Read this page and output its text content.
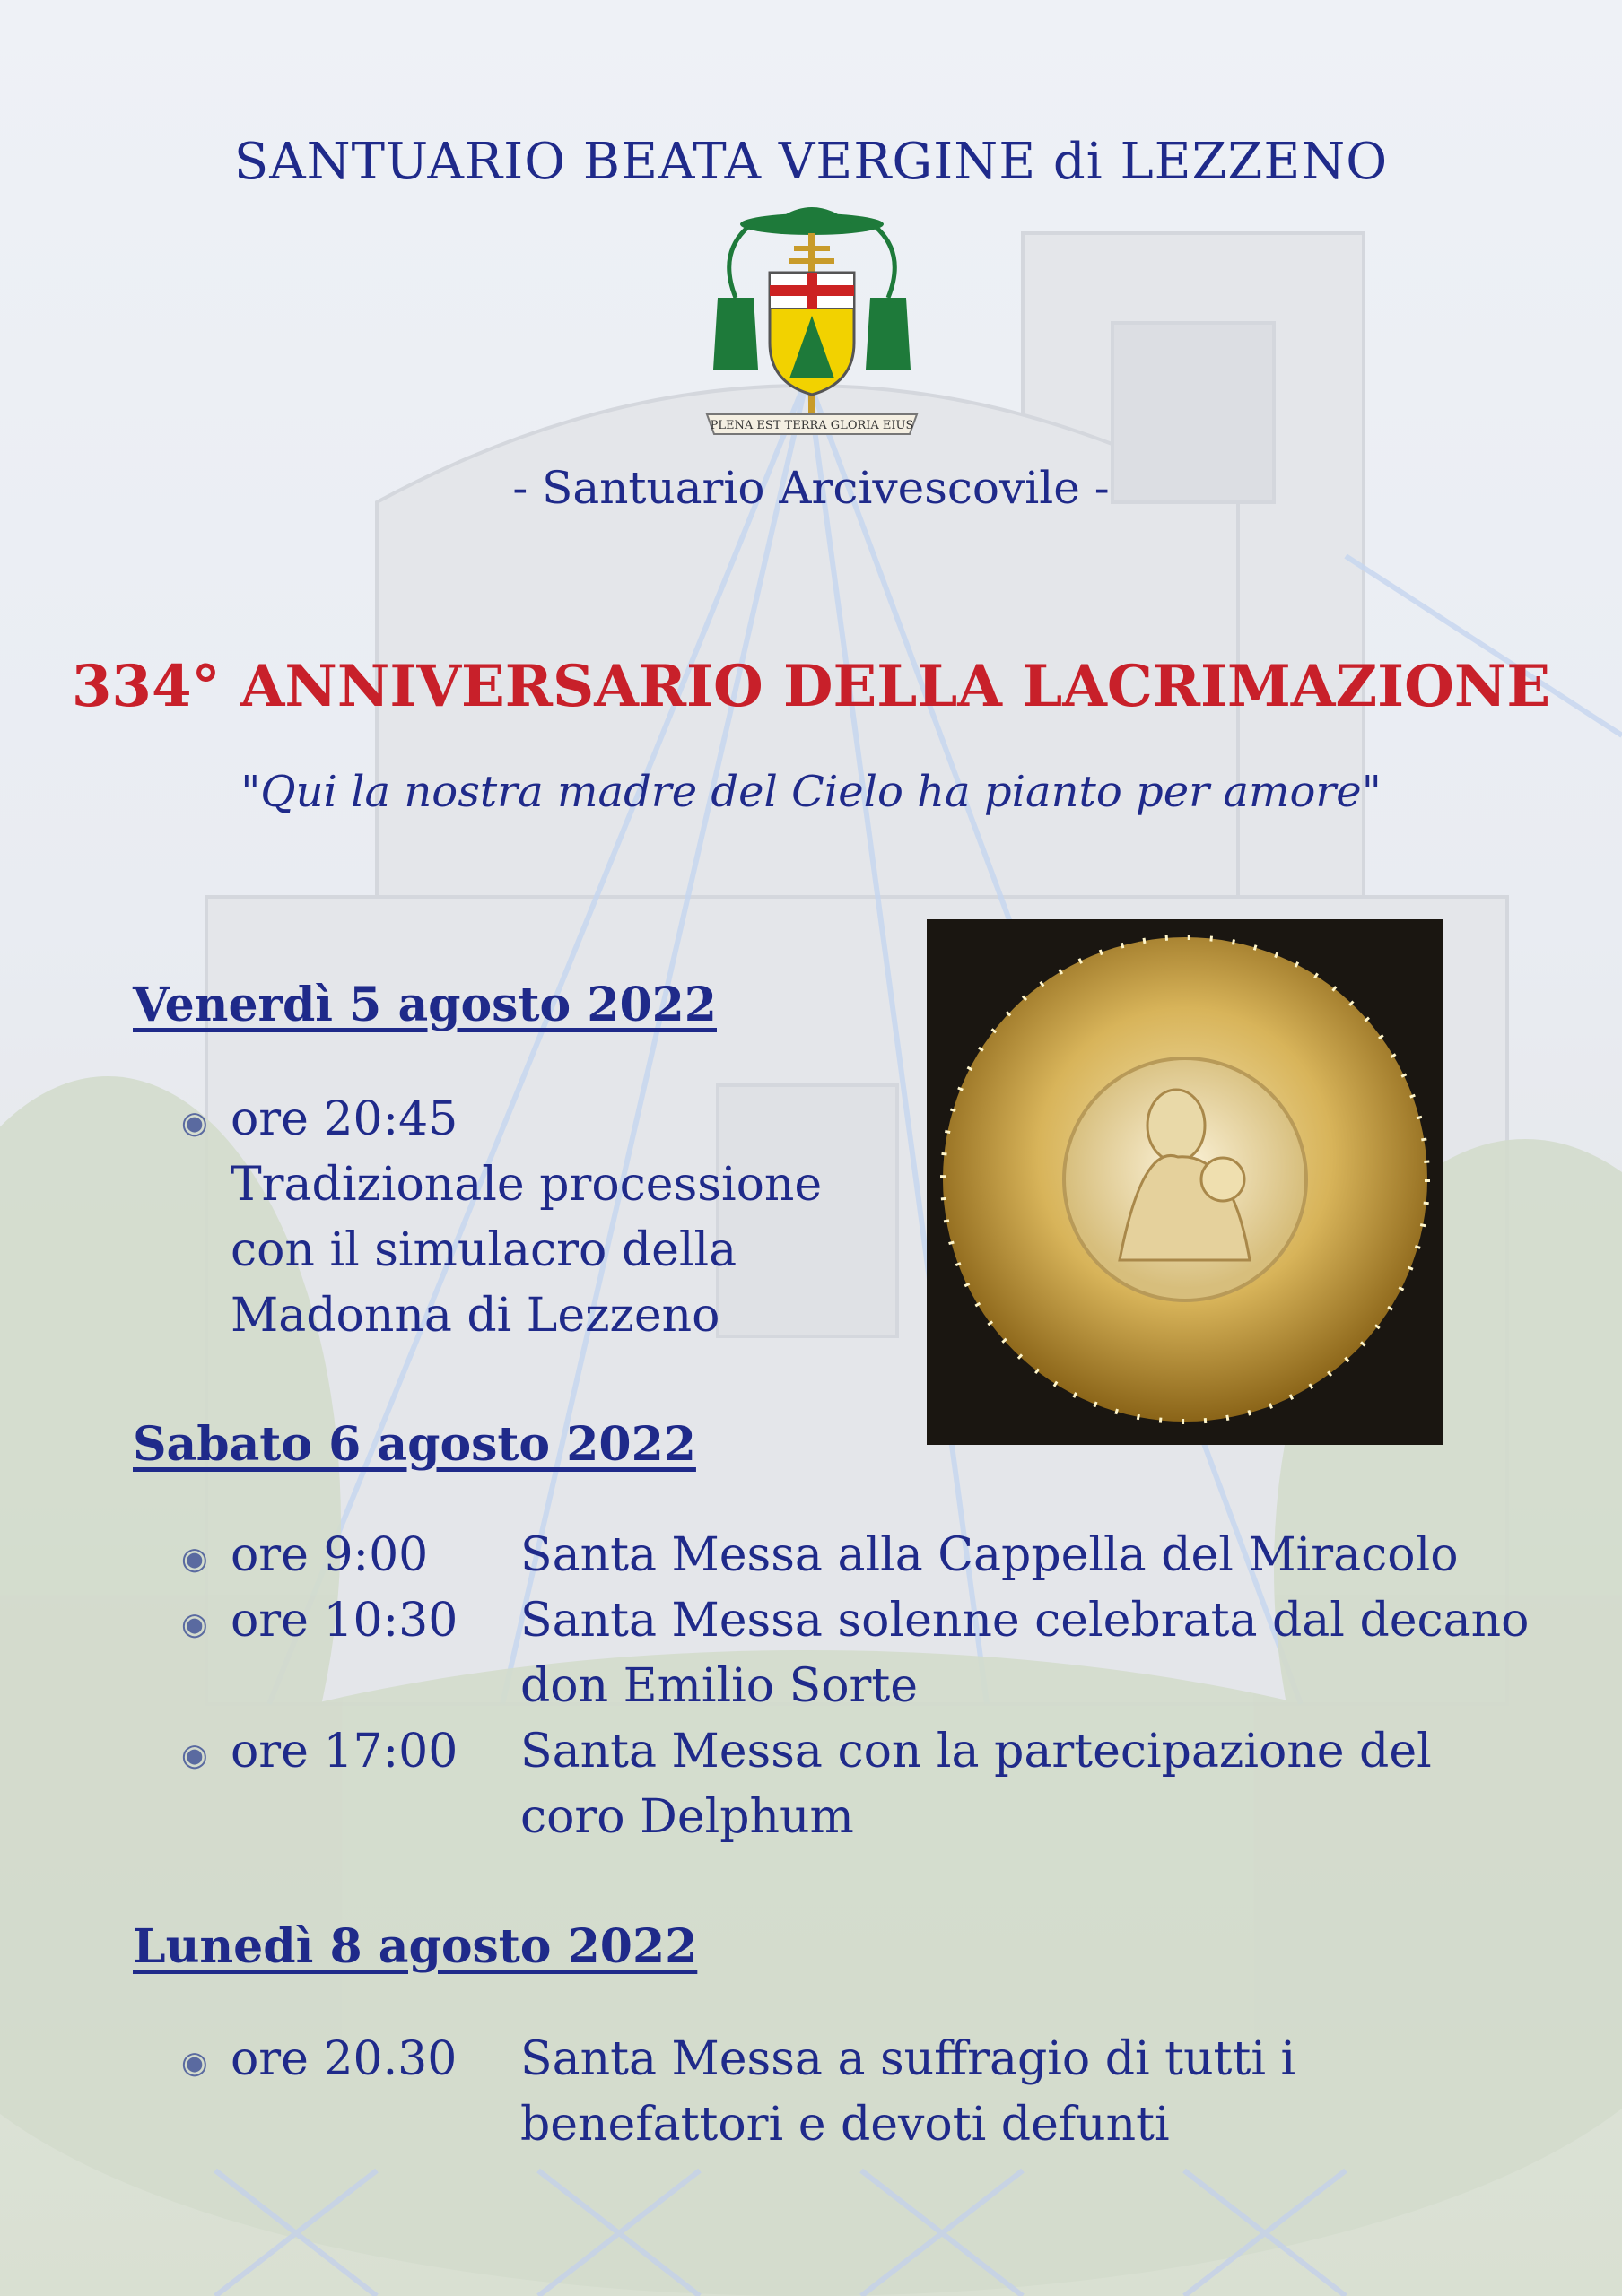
SANTUARIO BEATA VERGINE di LEZZENO
PLENA EST TERRA GLORIA EIUS
- Santuario Arcivescovile -
334° ANNIVERSARIO DELLA LACRIMAZIONE
"Qui la nostra madre del Cielo ha pianto per amore"
Venerdì 5 agosto 2022
◉ ore 20:45
Tradizionale processione
con il simulacro della
Madonna di Lezzeno
Sabato 6 agosto 2022
◉ ore 9:00 Santa Messa alla Cappella del Miracolo
◉ ore 10:30 Santa Messa solenne celebrata dal decano
don Emilio Sorte
◉ ore 17:00 Santa Messa con la partecipazione del
coro Delphum
Lunedì 8 agosto 2022
◉ ore 20.30 Santa Messa a suffragio di tutti i
benefattori e devoti defunti
